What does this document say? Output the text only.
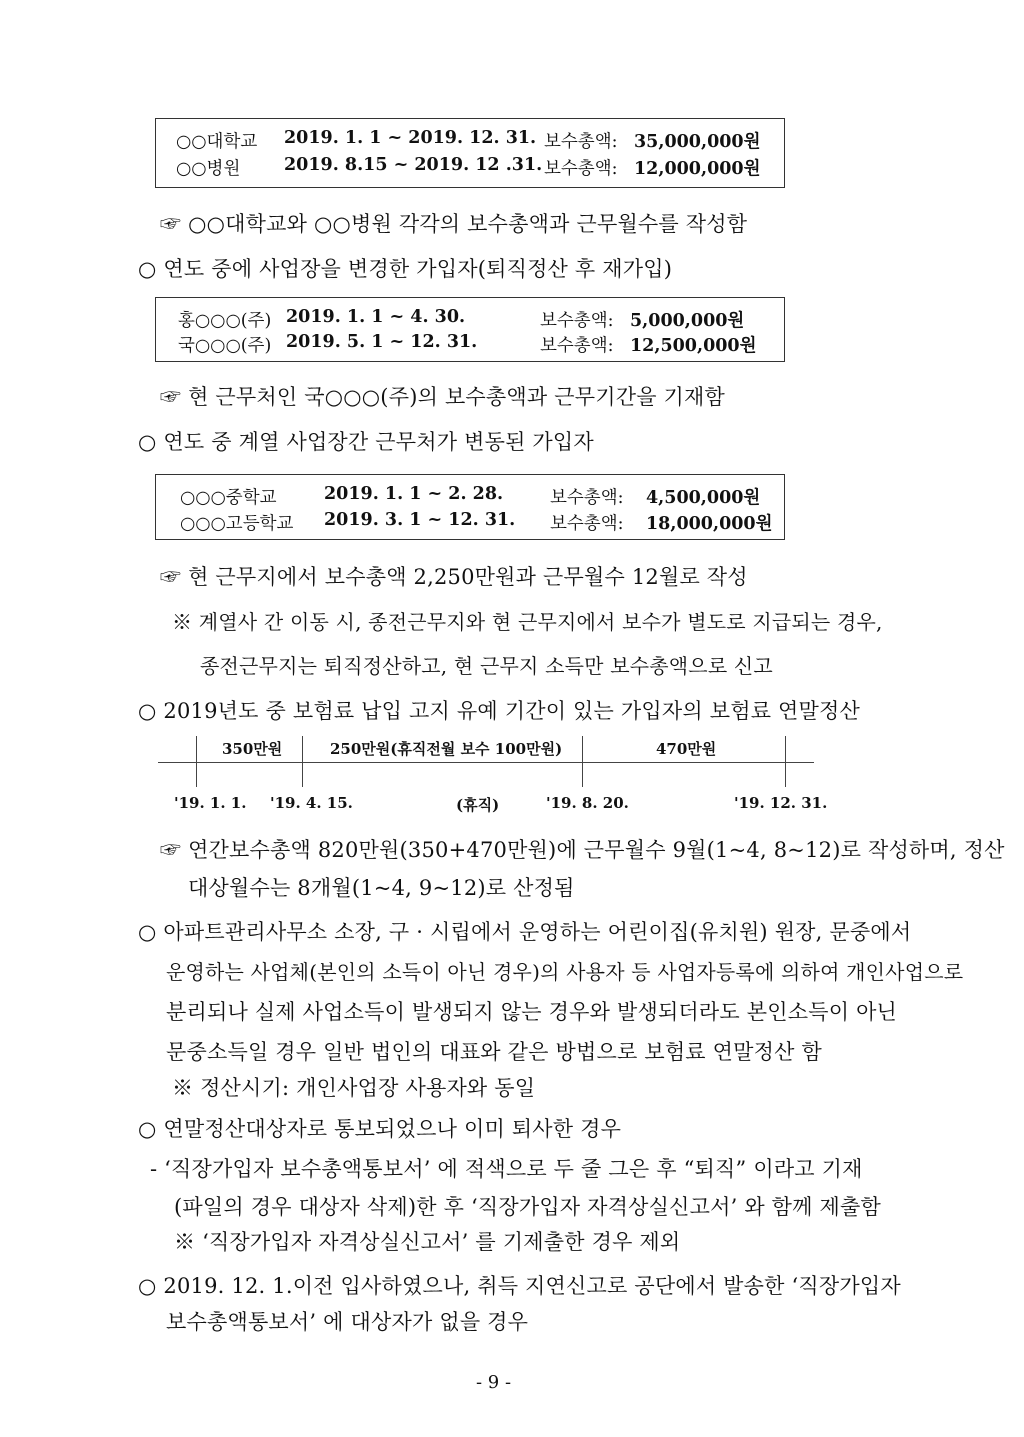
○○대학교 2019. 1. 1 ~ 2019. 12. 31. 보수총액: 35,000,000원
○○병원 2019. 8.15 ~ 2019. 12 .31. 보수총액: 12,000,000원
☞ ○○대학교와 ○○병원 각각의 보수총액과 근무월수를 작성함
○ 연도 중에 사업장을 변경한 가입자(퇴직정산 후 재가입)
홍○○○(주) 2019. 1. 1 ~ 4. 30.	보수총액: 5,000,000원
국○○○(주) 2019. 5. 1 ~ 12. 31.	보수총액: 12,500,000원
☞ 현 근무처인 국○○○(주)의 보수총액과 근무기간을 기재함
○ 연도 중 계열 사업장간 근무처가 변동된 가입자
○○○중학교	2019. 1. 1 ~ 2. 28.	보수총액: 4,500,000원
○○○고등학교 2019. 3. 1 ~ 12. 31. 보수총액: 18,000,000원
☞ 현 근무지에서 보수총액 2,250만원과 근무월수 12월로 작성
※ 계열사 간 이동 시, 종전근무지와 현 근무지에서 보수가 별도로 지급되는 경우,
종전근무지는 퇴직정산하고, 현 근무지 소득만 보수총액으로 신고
○ 2019년도 중 보험료 납입 고지 유예 기간이 있는 가입자의 보험료 연말정산
350만원	250만원(휴직전월 보수 100만원)	470만원
'19. 1. 1. '19. 4. 15.	(휴직)	'19. 8. 20.	'19. 12. 31.
☞ 연간보수총액 820만원(350+470만원)에 근무월수 9월(1~4, 8~12)로 작성하며, 정산
대상월수는 8개월(1~4, 9~12)로 산정됨
○ 아파트관리사무소 소장, 구 · 시립에서 운영하는 어린이집(유치원) 원장, 문중에서
운영하는 사업체(본인의 소득이 아닌 경우)의 사용자 등 사업자등록에 의하여 개인사업으로
분리되나 실제 사업소득이 발생되지 않는 경우와 발생되더라도 본인소득이 아닌
문중소득일 경우 일반 법인의 대표와 같은 방법으로 보험료 연말정산 함
※ 정산시기: 개인사업장 사용자와 동일
○ 연말정산대상자로 통보되었으나 이미 퇴사한 경우
- ‘직장가입자 보수총액통보서’ 에 적색으로 두 줄 그은 후 “퇴직” 이라고 기재
(파일의 경우 대상자 삭제)한 후 ‘직장가입자 자격상실신고서’ 와 함께 제출함
※ ‘직장가입자 자격상실신고서’ 를 기제출한 경우 제외
○ 2019. 12. 1.이전 입사하였으나, 취득 지연신고로 공단에서 발송한 ‘직장가입자
보수총액통보서’ 에 대상자가 없을 경우
- 9 -
